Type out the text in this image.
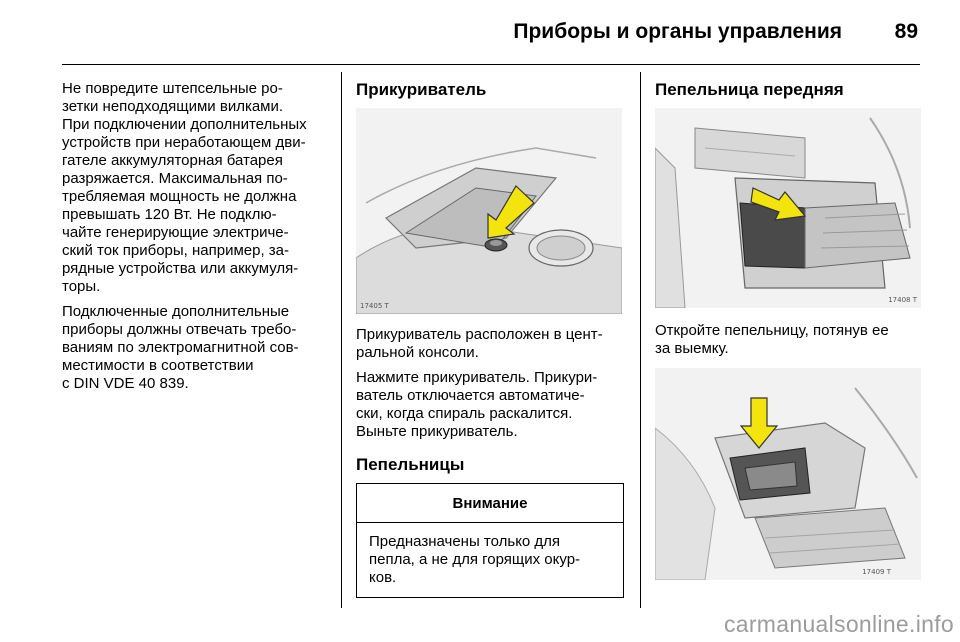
Приборы и органы управления	89

Не повредите штепсельные ро-
зетки неподходящими вилками.
При подключении дополнительных
устройств при неработающем дви-
гателе аккумуляторная батарея
разряжается. Максимальная по-
требляемая мощность не должна
превышать 120 Вт. Не подклю-
чайте генерирующие электриче-
ский ток приборы, например, за-
рядные устройства или аккумуля-
торы.

Подключенные дополнительные
приборы должны отвечать требо-
ваниям по электромагнитной сов-
местимости в соответствии
с DIN VDE 40 839.

Прикуриватель
17405 T

Прикуриватель расположен в цент-
ральной консоли.

Нажмите прикуриватель. Прикури-
ватель отключается автоматиче-
ски, когда спираль раскалится.
Выньте прикуриватель.

Пепельницы
Внимание
Предназначены только для
пепла, а не для горящих окур-
ков.
Пепельница передняя
17408 T

Откройте пепельницу, потянув ее
за выемку.

17409 T
carmanualsonline.info
